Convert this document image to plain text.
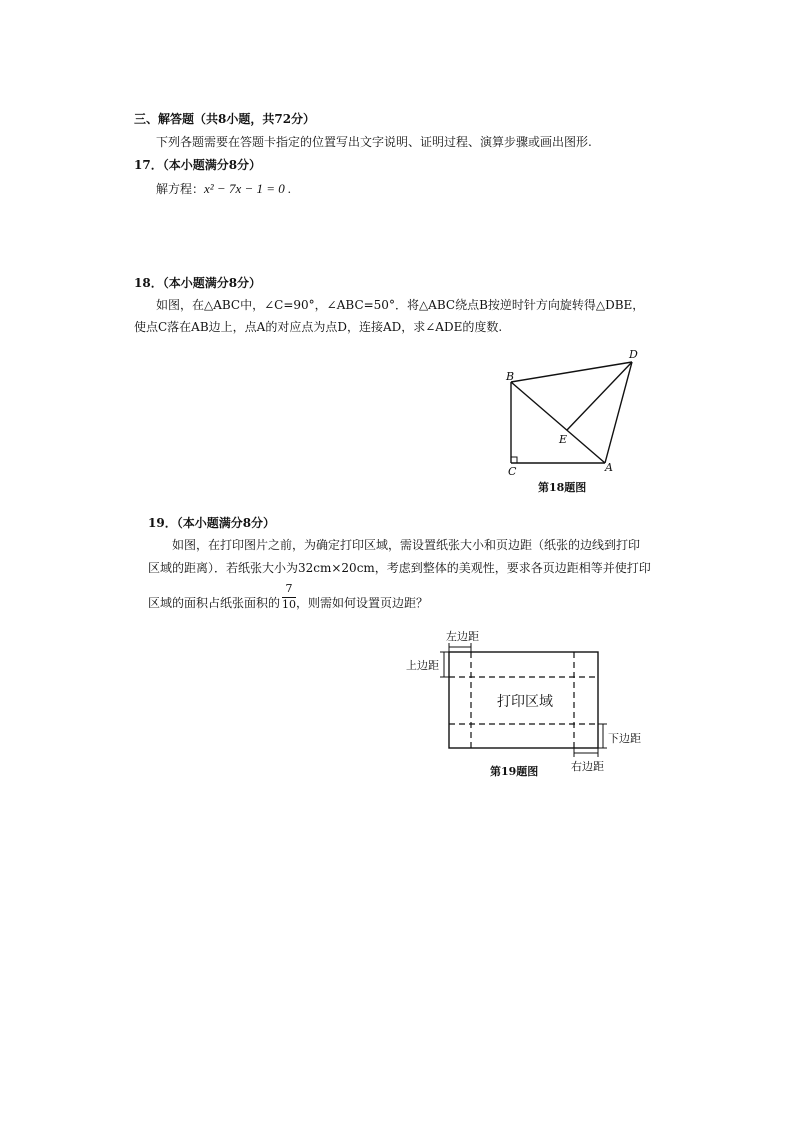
三、解答题（共8小题，共72分）
下列各题需要在答题卡指定的位置写出文字说明、证明过程、演算步骤或画出图形.
17．（本小题满分8分）
解方程：x² − 7x − 1 = 0 .
18．（本小题满分8分）
如图，在△ABC中，∠C=90°，∠ABC=50°．将△ABC绕点B按逆时针方向旋转得△DBE，
使点C落在AB边上，点A的对应点为点D，连接AD，求∠ADE的度数.
B
D
E
C	A
第18题图
19．（本小题满分8分）
如图，在打印图片之前，为确定打印区域，需设置纸张大小和页边距（纸张的边线到打印
区域的距离）．若纸张大小为32cm×20cm，考虑到整体的美观性，要求各页边距相等并使打印
区域的面积占纸张面积的 ，则需如何设置页边距？
7
10
左边距
上边距
打印区域
下边距
右边距
第19题图
